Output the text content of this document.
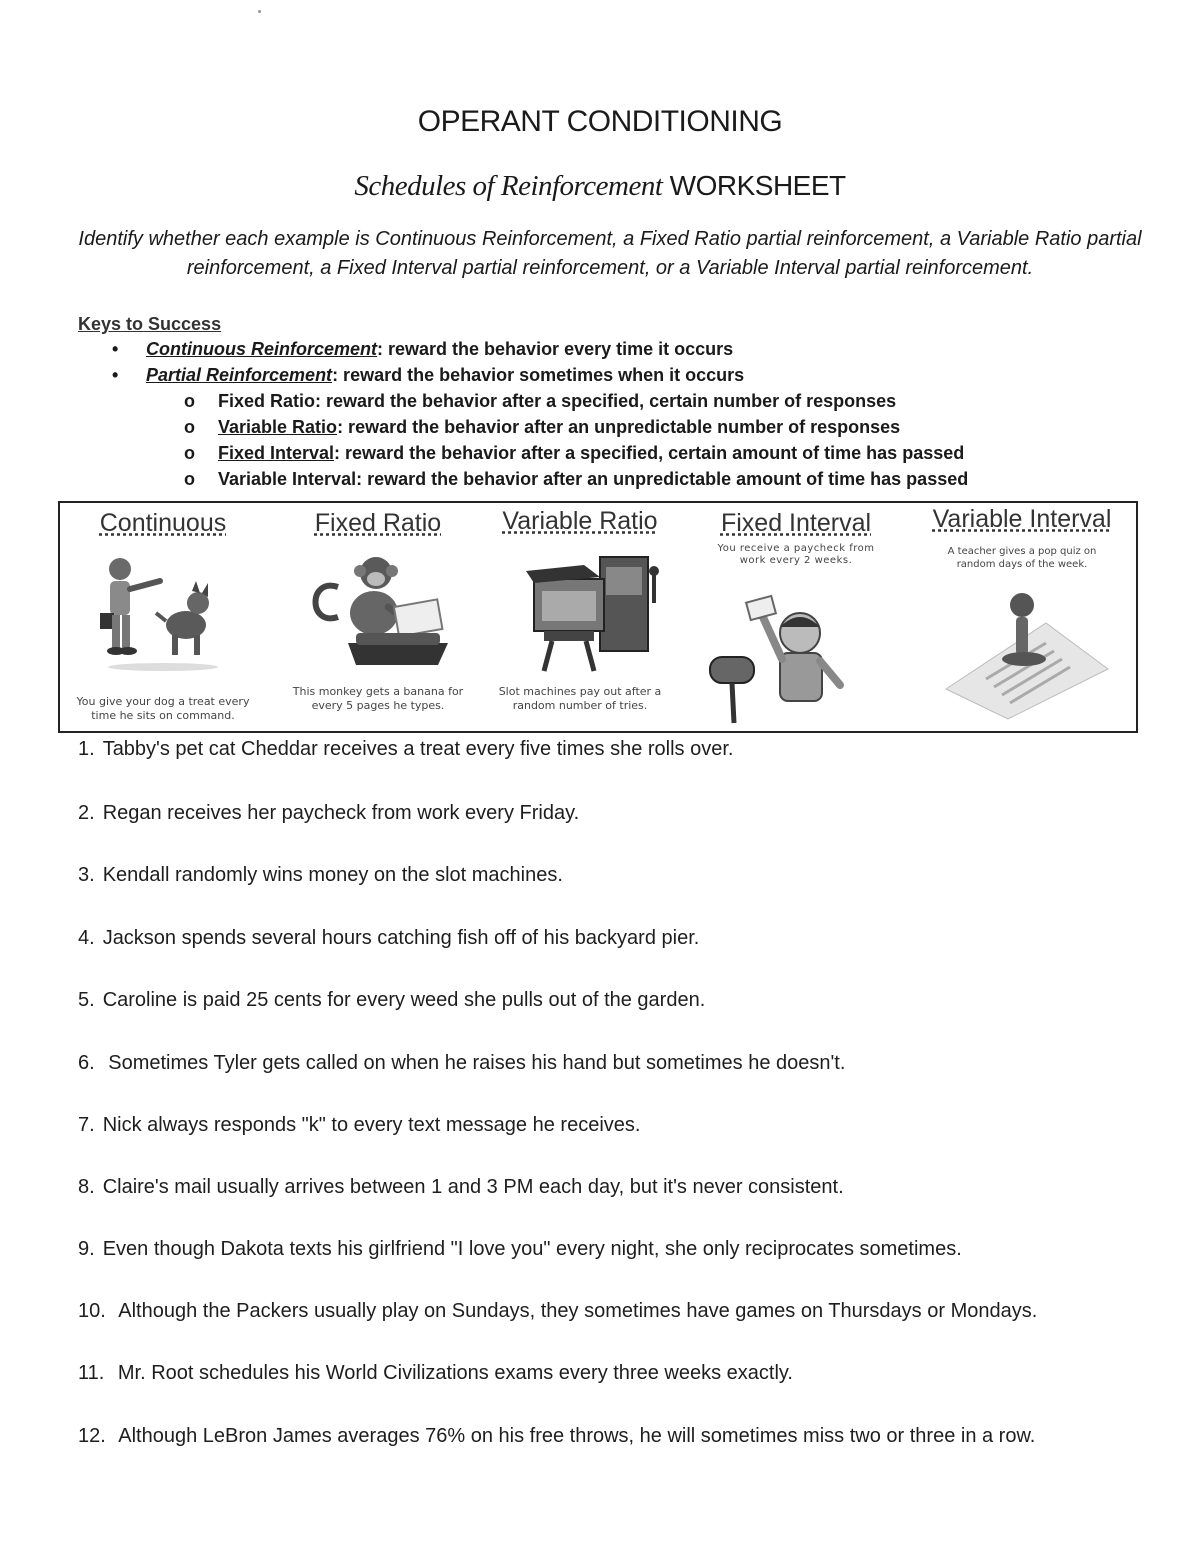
OPERANT CONDITIONING
Schedules of Reinforcement WORKSHEET
Identify whether each example is Continuous Reinforcement, a Fixed Ratio partial reinforcement, a Variable Ratio partial reinforcement, a Fixed Interval partial reinforcement, or a Variable Interval partial reinforcement.
Keys to Success
• Continuous Reinforcement: reward the behavior every time it occurs
• Partial Reinforcement: reward the behavior sometimes when it occurs
o Fixed Ratio: reward the behavior after a specified, certain number of responses
o Variable Ratio: reward the behavior after an unpredictable number of responses
o Fixed Interval: reward the behavior after a specified, certain amount of time has passed
o Variable Interval: reward the behavior after an unpredictable amount of time has passed
Continuous
You give your dog a treat every time he sits on command.
Fixed Ratio
This monkey gets a banana for every 5 pages he types.
Variable Ratio
Slot machines pay out after a random number of tries.
Fixed Interval
You receive a paycheck from work every 2 weeks.
Variable Interval
A teacher gives a pop quiz on random days of the week.
1. Tabby's pet cat Cheddar receives a treat every five times she rolls over.
2. Regan receives her paycheck from work every Friday.
3. Kendall randomly wins money on the slot machines.
4. Jackson spends several hours catching fish off of his backyard pier.
5. Caroline is paid 25 cents for every weed she pulls out of the garden.
6. Sometimes Tyler gets called on when he raises his hand but sometimes he doesn't.
7. Nick always responds "k" to every text message he receives.
8. Claire's mail usually arrives between 1 and 3 PM each day, but it's never consistent.
9. Even though Dakota texts his girlfriend "I love you" every night, she only reciprocates sometimes.
10. Although the Packers usually play on Sundays, they sometimes have games on Thursdays or Mondays.
11. Mr. Root schedules his World Civilizations exams every three weeks exactly.
12. Although LeBron James averages 76% on his free throws, he will sometimes miss two or three in a row.
